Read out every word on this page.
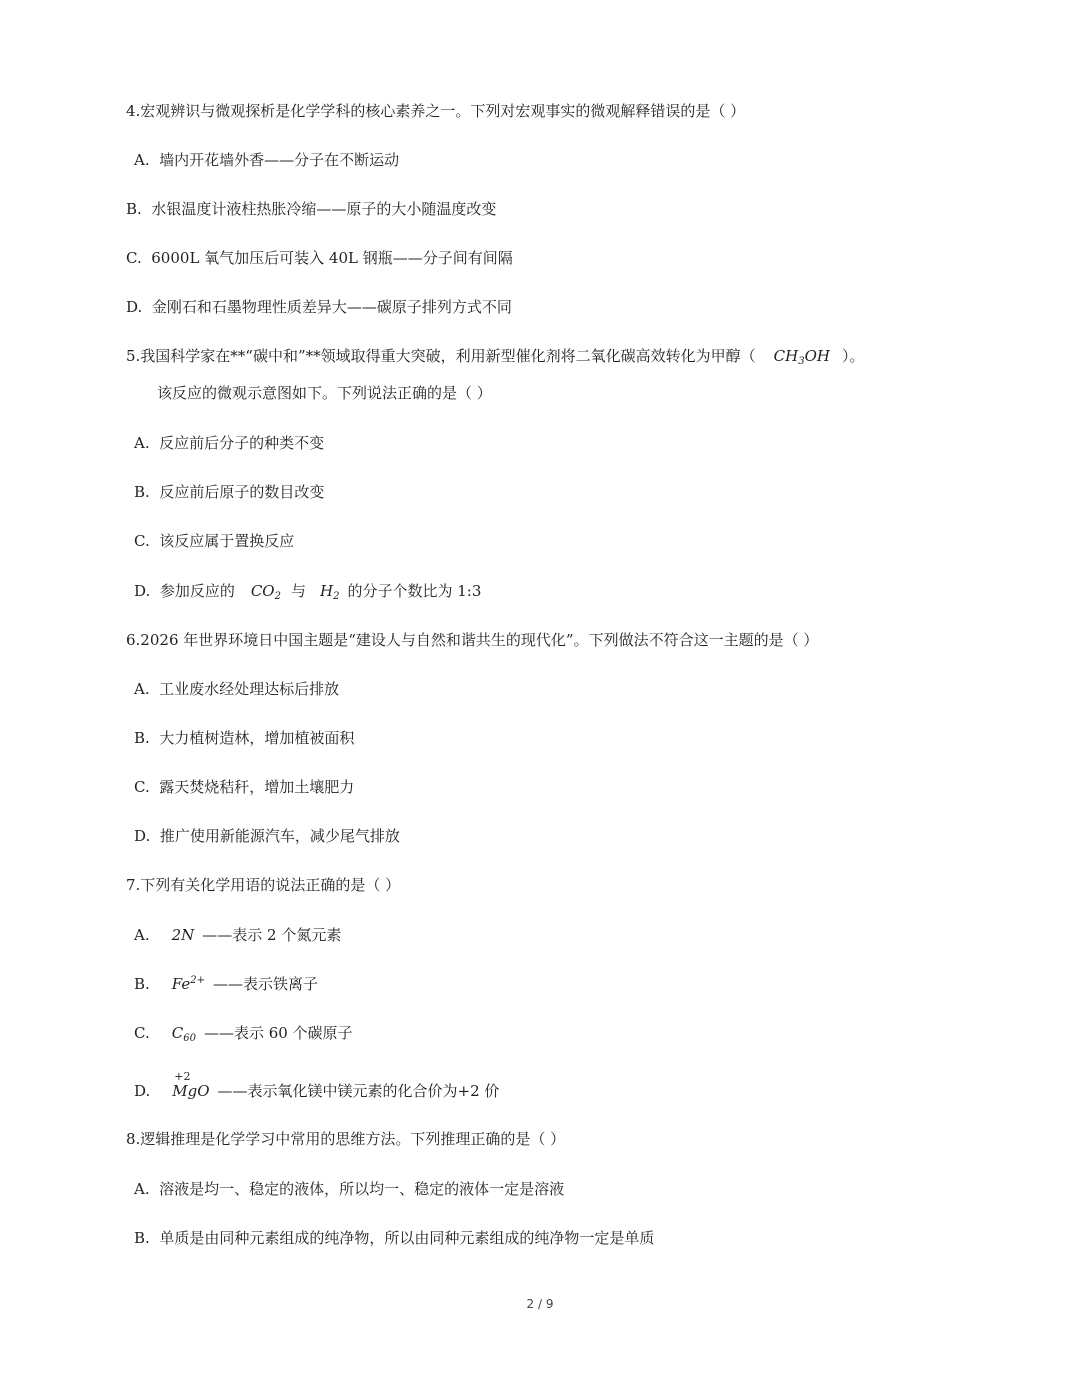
4.宏观辨识与微观探析是化学学科的核心素养之一。下列对宏观事实的微观解释错误的是（ ）
A. 墙内开花墙外香——分子在不断运动
B. 水银温度计液柱热胀冷缩——原子的大小随温度改变
C. 6000L 氧气加压后可装入 40L 钢瓶——分子间有间隔
D. 金刚石和石墨物理性质差异大——碳原子排列方式不同
5.我国科学家在**“碳中和”**领域取得重大突破，利用新型催化剂将二氧化碳高效转化为甲醇（ $CH_3OH$ ）。
该反应的微观示意图如下。下列说法正确的是（ ）
A. 反应前后分子的种类不变
B. 反应前后原子的数目改变
C. 该反应属于置换反应
D. 参加反应的 $CO_2$ 与 $H_2$ 的分子个数比为 1:3
6.2026 年世界环境日中国主题是“建设人与自然和谐共生的现代化”。下列做法不符合这一主题的是（ ）
A. 工业废水经处理达标后排放
B. 大力植树造林，增加植被面积
C. 露天焚烧秸秆，增加土壤肥力
D. 推广使用新能源汽车，减少尾气排放
7.下列有关化学用语的说法正确的是（ ）
A. 2N ——表示 2 个氮元素
B. $Fe^{2+}$ ——表示铁离子
C. $C_{60}$ ——表示 60 个碳原子
D.
+2
MgO ——表示氧化镁中镁元素的化合价为+2 价
8.逻辑推理是化学学习中常用的思维方法。下列推理正确的是（ ）
A. 溶液是均一、稳定的液体，所以均一、稳定的液体一定是溶液
B. 单质是由同种元素组成的纯净物，所以由同种元素组成的纯净物一定是单质
2 / 9
